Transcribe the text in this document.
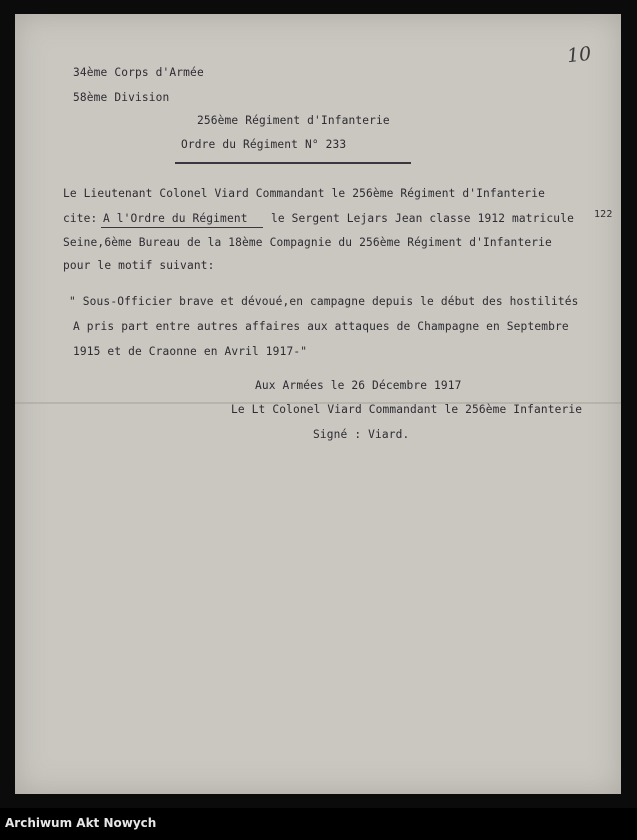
34ème Corps d'Armée
58ème Division
256ème Régiment d'Infanterie
Ordre du Régiment N° 233
10
Le Lieutenant Colonel Viard Commandant le 256ème Régiment d'Infanterie
cite: A l'Ordre du Régiment le Sergent Lejars Jean classe 1912 matricule 122
Seine,6ème Bureau de la 18ème Compagnie du 256ème Régiment d'Infanterie
pour le motif suivant:
" Sous-Officier brave et dévoué,en campagne depuis le début des hostilités
A pris part entre autres affaires aux attaques de Champagne en Septembre
1915 et de Craonne en Avril 1917-"
Aux Armées le 26 Décembre 1917
Le Lt Colonel Viard Commandant le 256ème Infanterie
Signé : Viard.
Archiwum Akt Nowych
